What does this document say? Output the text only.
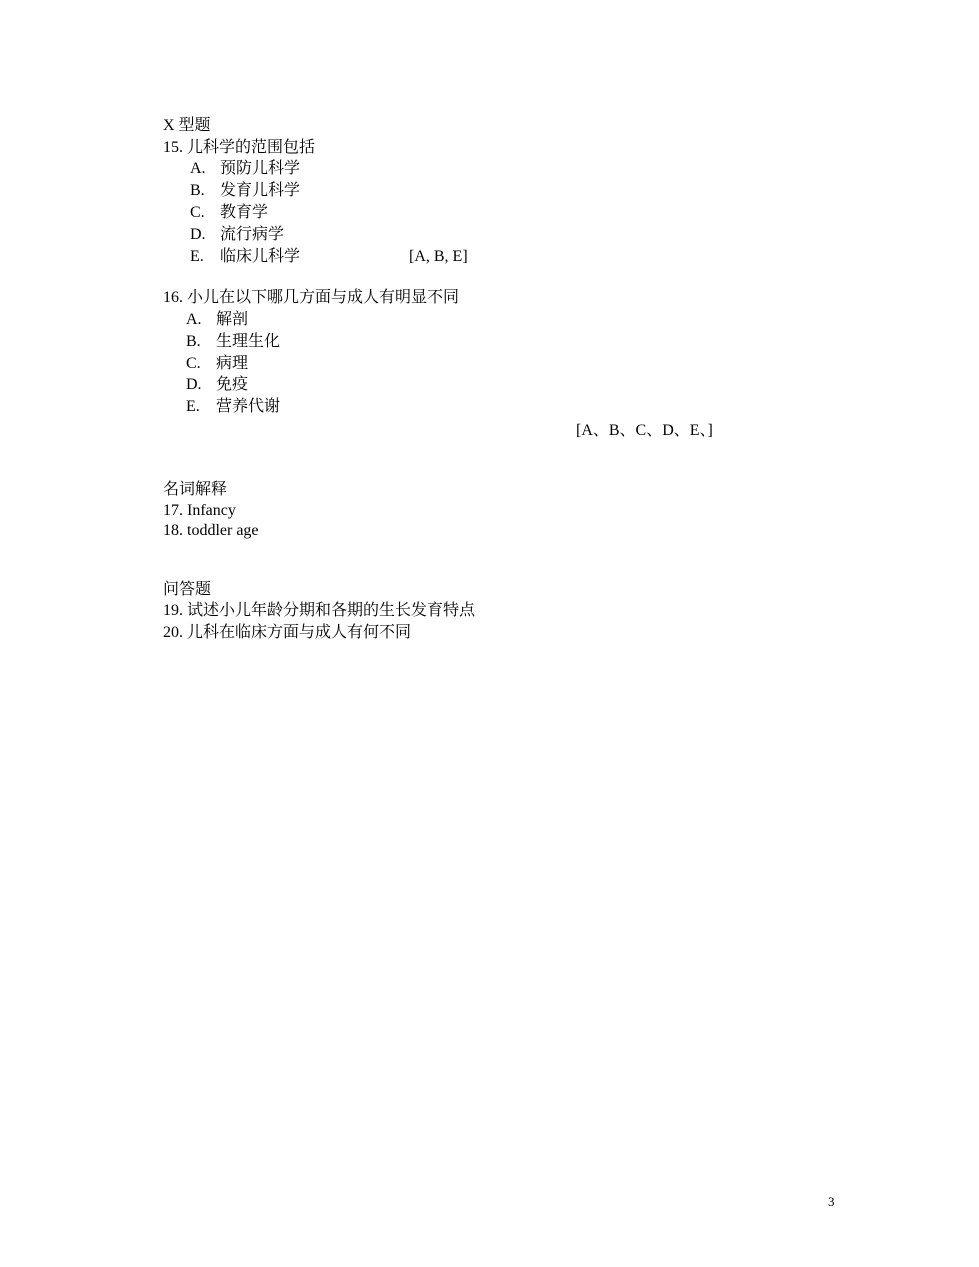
X 型题
15. 儿科学的范围包括
A. 预防儿科学
B. 发育儿科学
C. 教育学
D. 流行病学
E. 临床儿科学	[A, B, E]
16. 小儿在以下哪几方面与成人有明显不同
A. 解剖
B. 生理生化
C. 病理
D. 免疫
E. 营养代谢
[A、B、C、D、E、]
名词解释
17. Infancy
18. toddler age
问答题
19. 试述小儿年龄分期和各期的生长发育特点
20. 儿科在临床方面与成人有何不同
3
